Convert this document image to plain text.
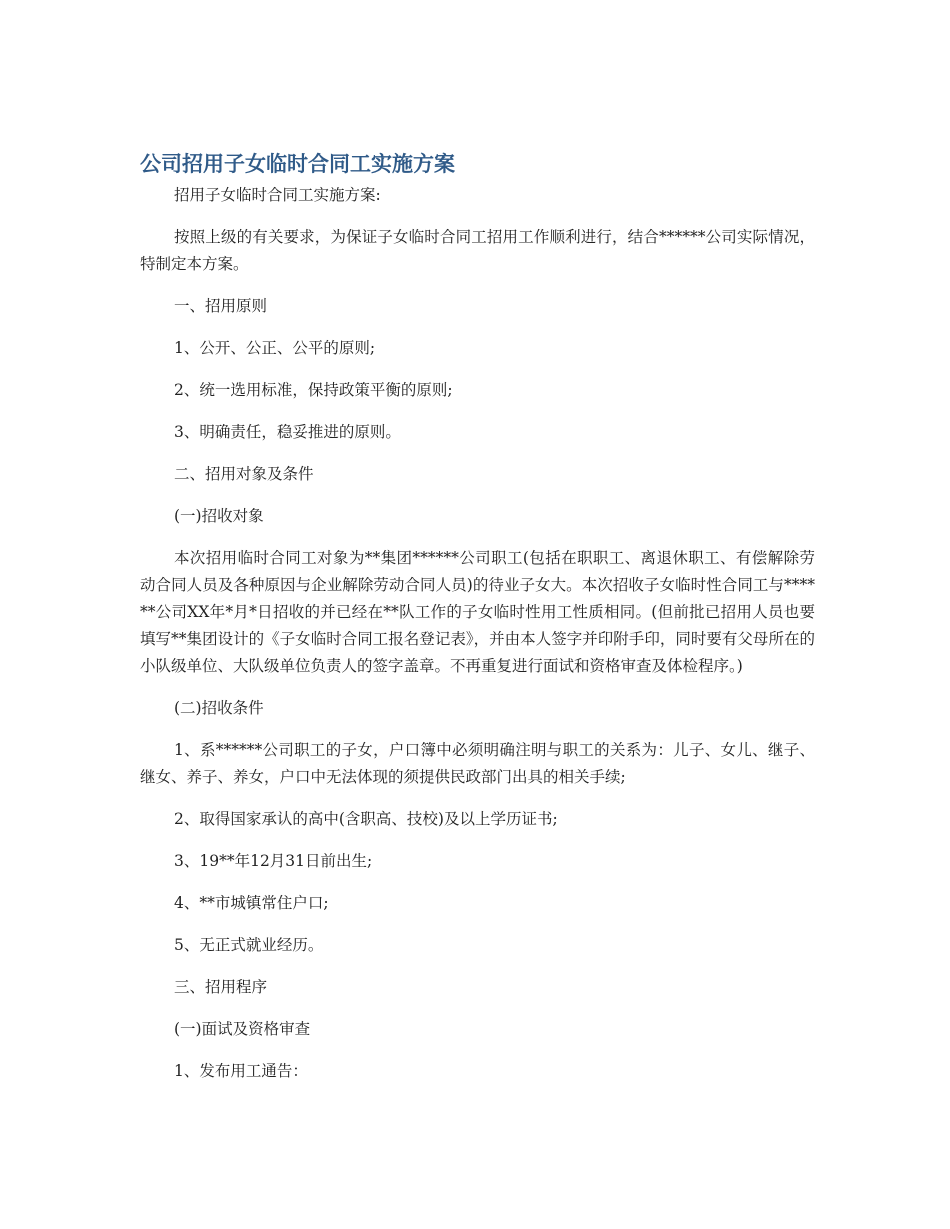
公司招用子女临时合同工实施方案

招用子女临时合同工实施方案:

按照上级的有关要求，为保证子女临时合同工招用工作顺利进行，结合******公司实际情况，特制定本方案。

一、招用原则

1、公开、公正、公平的原则;

2、统一选用标准，保持政策平衡的原则;

3、明确责任，稳妥推进的原则。

二、招用对象及条件

(一)招收对象

本次招用临时合同工对象为**集团******公司职工(包括在职职工、离退休职工、有偿解除劳动合同人员及各种原因与企业解除劳动合同人员)的待业子女大。本次招收子女临时性合同工与******公司XX年*月*日招收的并已经在**队工作的子女临时性用工性质相同。(但前批已招用人员也要填写**集团设计的《子女临时合同工报名登记表》，并由本人签字并印附手印，同时要有父母所在的小队级单位、大队级单位负责人的签字盖章。不再重复进行面试和资格审查及体检程序。)

(二)招收条件

1、系******公司职工的子女，户口簿中必须明确注明与职工的关系为：儿子、女儿、继子、继女、养子、养女，户口中无法体现的须提供民政部门出具的相关手续;

2、取得国家承认的高中(含职高、技校)及以上学历证书;

3、19**年12月31日前出生;

4、**市城镇常住户口;

5、无正式就业经历。

三、招用程序

(一)面试及资格审查

1、发布用工通告：
